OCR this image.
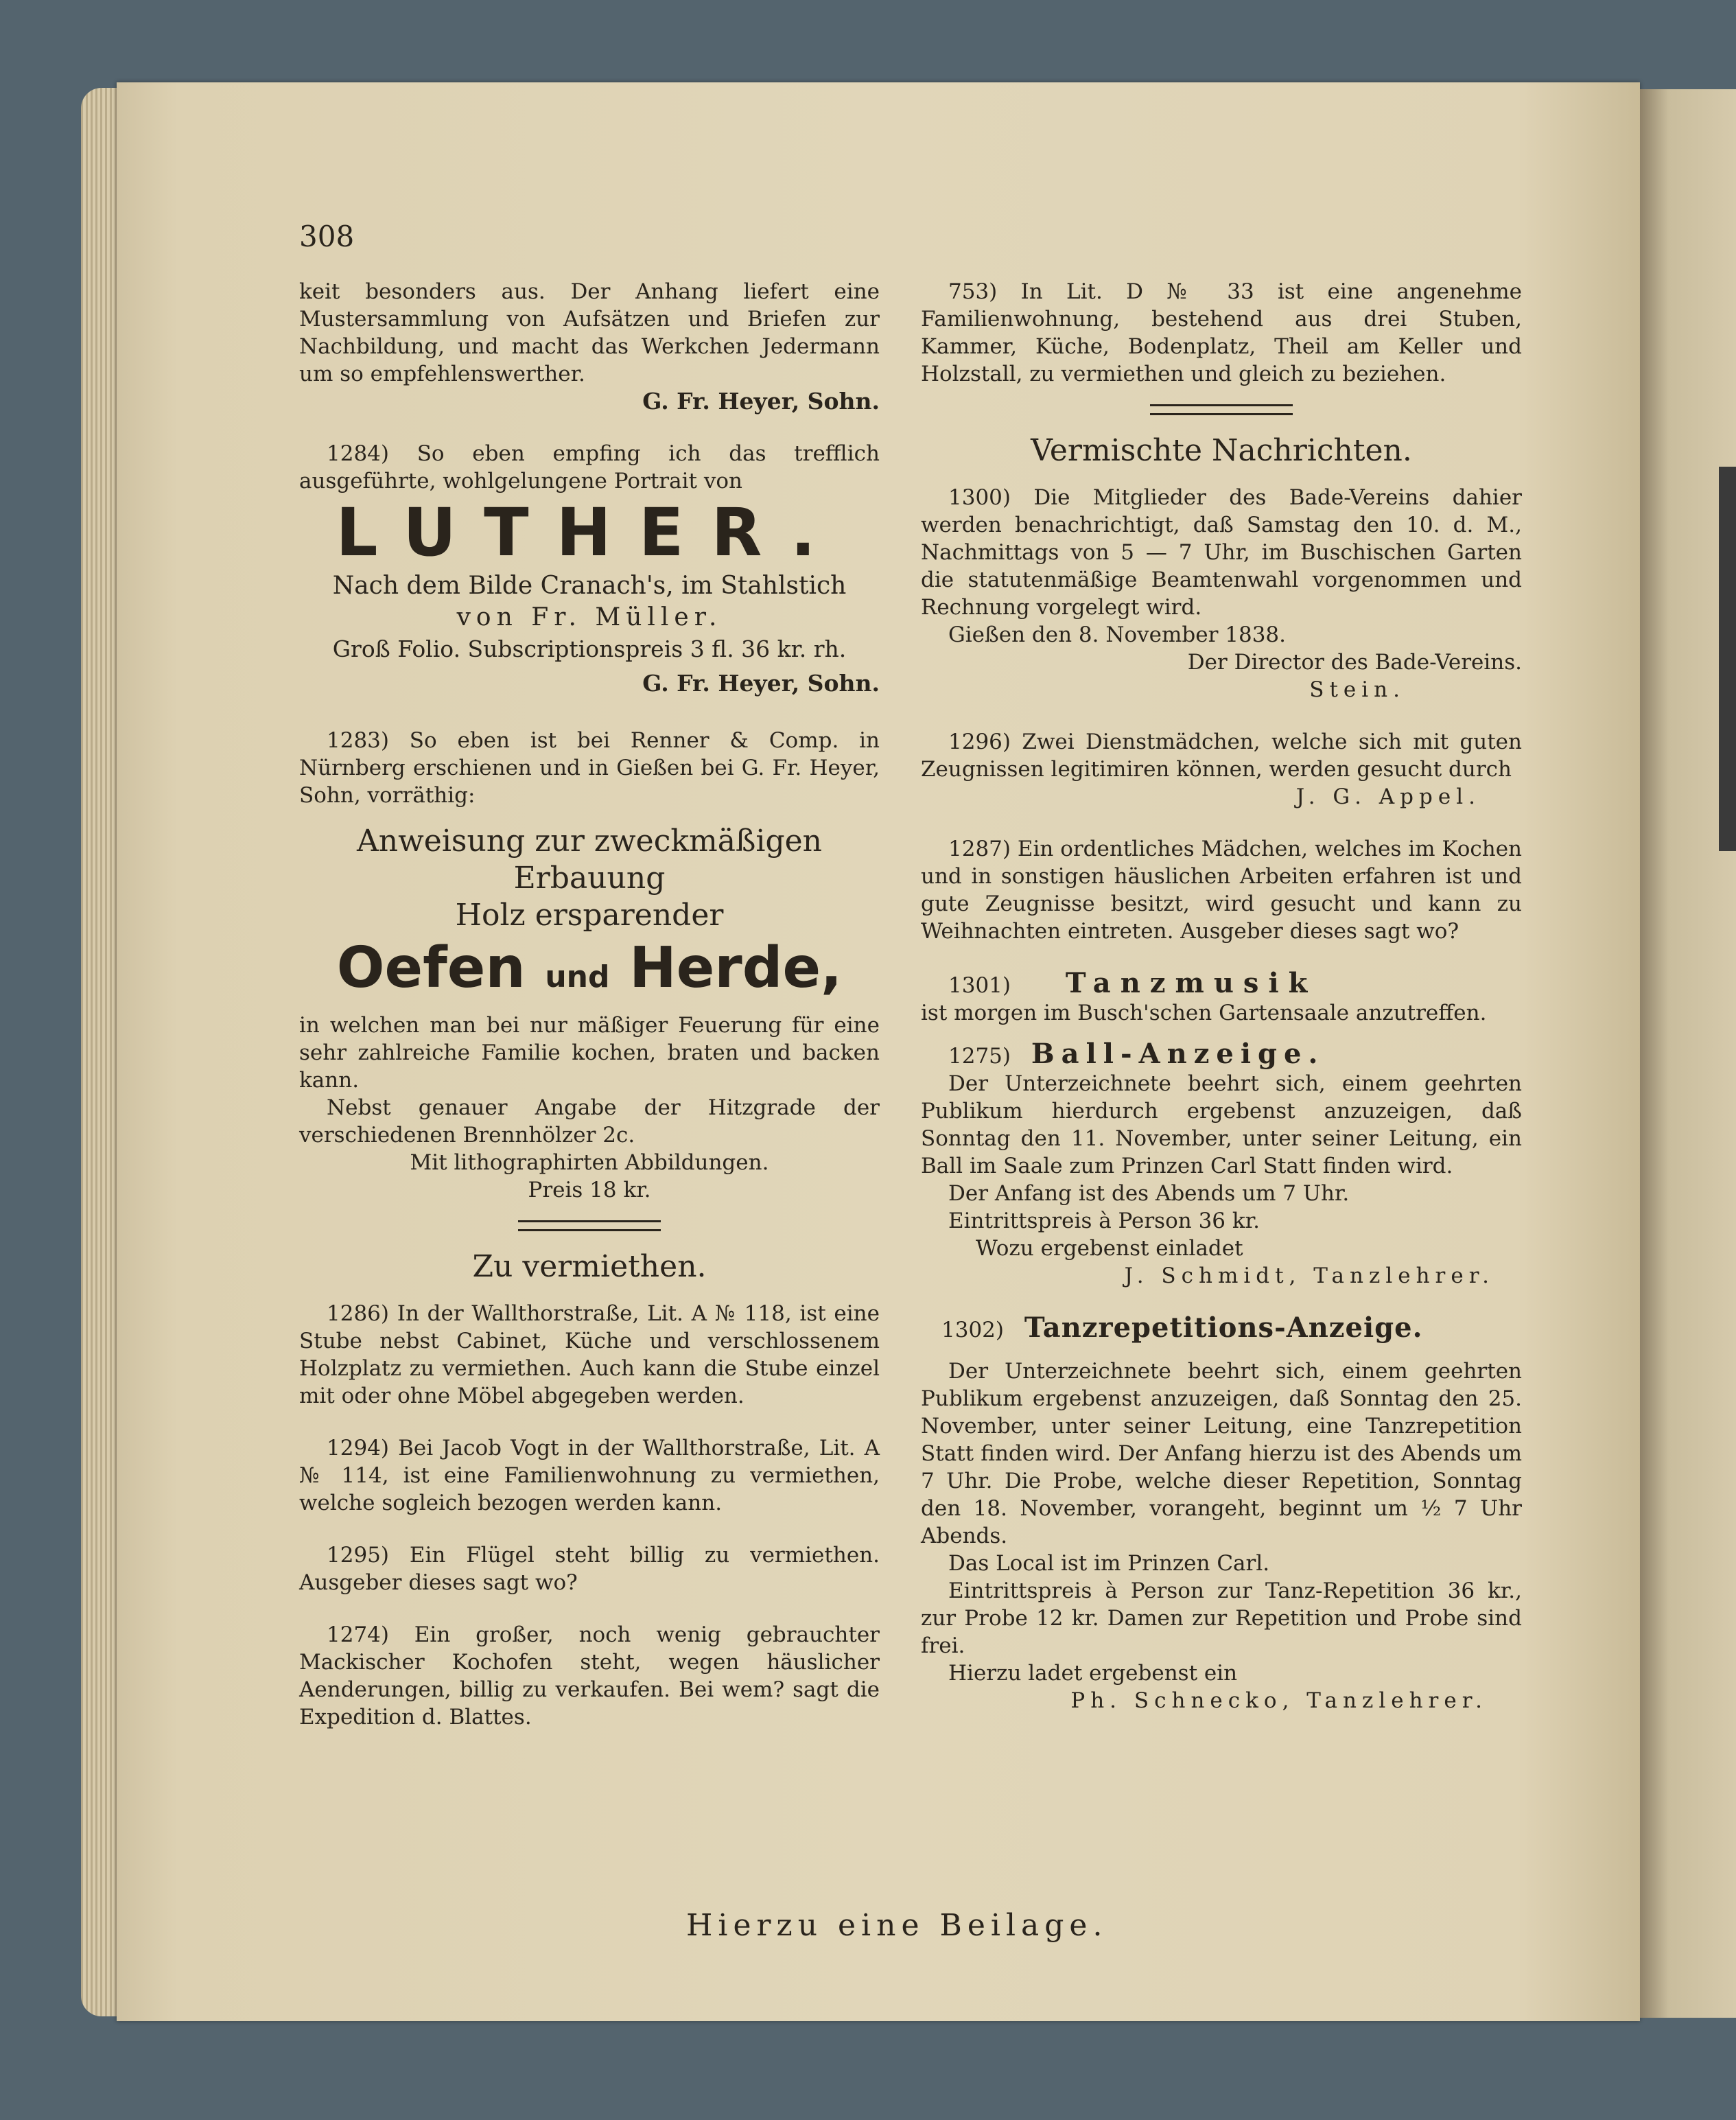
308

keit besonders aus. Der Anhang liefert eine Mustersammlung von Aufsätzen und Briefen zur Nachbildung, und macht das Werkchen Jedermann um so empfehlenswerther.

G. Fr. Heyer, Sohn.

1284) So eben empfing ich das trefflich ausgeführte, wohlgelungene Portrait von

LUTHER.

Nach dem Bilde Cranach's, im Stahlstich

von Fr. Müller.

Groß Folio. Subscriptionspreis 3 fl. 36 kr. rh.

G. Fr. Heyer, Sohn.

1283) So eben ist bei Renner & Comp. in Nürnberg erschienen und in Gießen bei G. Fr. Heyer, Sohn, vorräthig:

Anweisung zur zweckmäßigen Erbauung
Holz ersparender
Oefen und Herde,

in welchen man bei nur mäßiger Feuerung für eine sehr zahlreiche Familie kochen, braten und backen kann.

Nebst genauer Angabe der Hitzgrade der verschiedenen Brennhölzer 2c.

Mit lithographirten Abbildungen.

Preis 18 kr.

Zu vermiethen.

1286) In der Wallthorstraße, Lit. A № 118, ist eine Stube nebst Cabinet, Küche und verschlossenem Holzplatz zu vermiethen. Auch kann die Stube einzel mit oder ohne Möbel abgegeben werden.

1294) Bei Jacob Vogt in der Wallthorstraße, Lit. A № 114, ist eine Familienwohnung zu vermiethen, welche sogleich bezogen werden kann.

1295) Ein Flügel steht billig zu vermiethen. Ausgeber dieses sagt wo?

1274) Ein großer, noch wenig gebrauchter Mackischer Kochofen steht, wegen häuslicher Aenderungen, billig zu verkaufen. Bei wem? sagt die Expedition d. Blattes.

753) In Lit. D № 33 ist eine angenehme Familienwohnung, bestehend aus drei Stuben, Kammer, Küche, Bodenplatz, Theil am Keller und Holzstall, zu vermiethen und gleich zu beziehen.

Vermischte Nachrichten.

1300) Die Mitglieder des Bade-Vereins dahier werden benachrichtigt, daß Samstag den 10. d. M., Nachmittags von 5 — 7 Uhr, im Buschischen Garten die statutenmäßige Beamtenwahl vorgenommen und Rechnung vorgelegt wird.

Gießen den 8. November 1838.

Der Director des Bade-Vereins.

Stein.

1296) Zwei Dienstmädchen, welche sich mit guten Zeugnissen legitimiren können, werden gesucht durch

J. G. Appel.

1287) Ein ordentliches Mädchen, welches im Kochen und in sonstigen häuslichen Arbeiten erfahren ist und gute Zeugnisse besitzt, wird gesucht und kann zu Weihnachten eintreten. Ausgeber dieses sagt wo?

1301) Tanzmusik

ist morgen im Busch'schen Gartensaale anzutreffen.

1275) Ball-Anzeige.

Der Unterzeichnete beehrt sich, einem geehrten Publikum hierdurch ergebenst anzuzeigen, daß Sonntag den 11. November, unter seiner Leitung, ein Ball im Saale zum Prinzen Carl Statt finden wird.

Der Anfang ist des Abends um 7 Uhr.

Eintrittspreis à Person 36 kr.

Wozu ergebenst einladet

J. Schmidt, Tanzlehrer.

1302) Tanzrepetitions-Anzeige.

Der Unterzeichnete beehrt sich, einem geehrten Publikum ergebenst anzuzeigen, daß Sonntag den 25. November, unter seiner Leitung, eine Tanzrepetition Statt finden wird. Der Anfang hierzu ist des Abends um 7 Uhr. Die Probe, welche dieser Repetition, Sonntag den 18. November, vorangeht, beginnt um ½ 7 Uhr Abends.

Das Local ist im Prinzen Carl.

Eintrittspreis à Person zur Tanz-Repetition 36 kr., zur Probe 12 kr. Damen zur Repetition und Probe sind frei.

Hierzu ladet ergebenst ein

Ph. Schnecko, Tanzlehrer.

Hierzu eine Beilage.
